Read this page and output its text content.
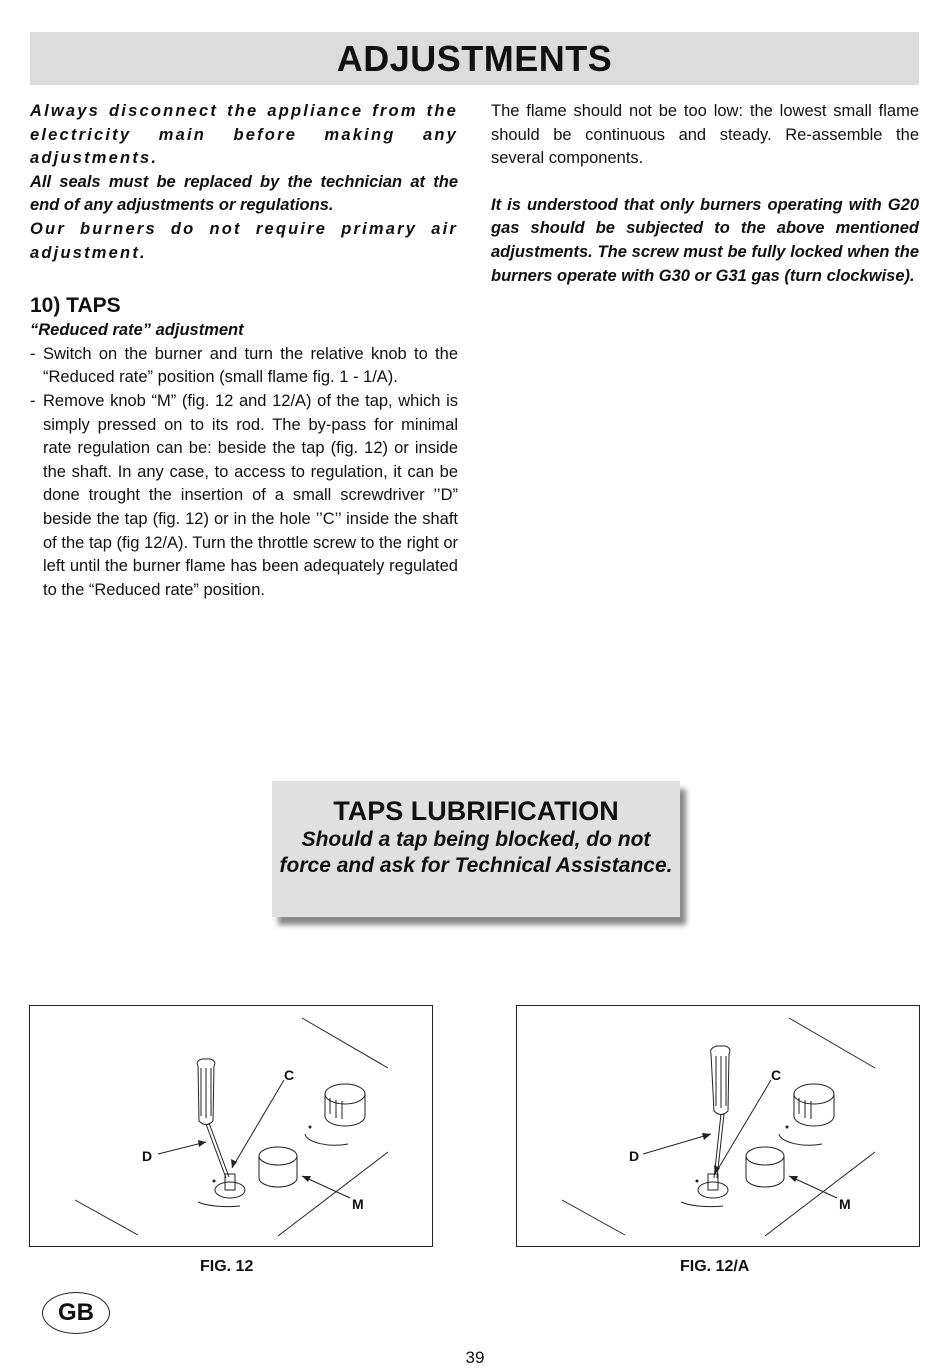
ADJUSTMENTS

Always disconnect the appliance from the electricity main before making any adjustments.

All seals must be replaced by the technician at the end of any adjustments or regulations.

Our burners do not require primary air adjustment.

10) TAPS

“Reduced rate” adjustment

- Switch on the burner and turn the relative knob to the “Reduced rate” position (small flame fig. 1 - 1/A).
- Remove knob “M” (fig. 12 and 12/A) of the tap, which is simply pressed on to its rod. The by-pass for minimal rate regulation can be: beside the tap (fig. 12) or inside the shaft. In any case, to access to regulation, it can be done trought the insertion of a small screwdriver ’’D” beside the tap (fig. 12) or in the hole ’’C’’ inside the shaft of the tap (fig 12/A). Turn the throttle screw to the right or left until the burner flame has been adequately regulated to the “Reduced rate” position.

The flame should not be too low: the lowest small flame should be continuous and steady. Re-assemble the several components.

It is understood that only burners operating with G20 gas should be subjected to the above mentioned adjustments. The screw must be fully locked when the burners operate with G30 or G31 gas (turn clockwise).

TAPS LUBRIFICATION

Should a tap being blocked, do not force and ask for Technical Assistance.

C
D
M
FIG. 12
C
D
M
FIG. 12/A
GB
39
